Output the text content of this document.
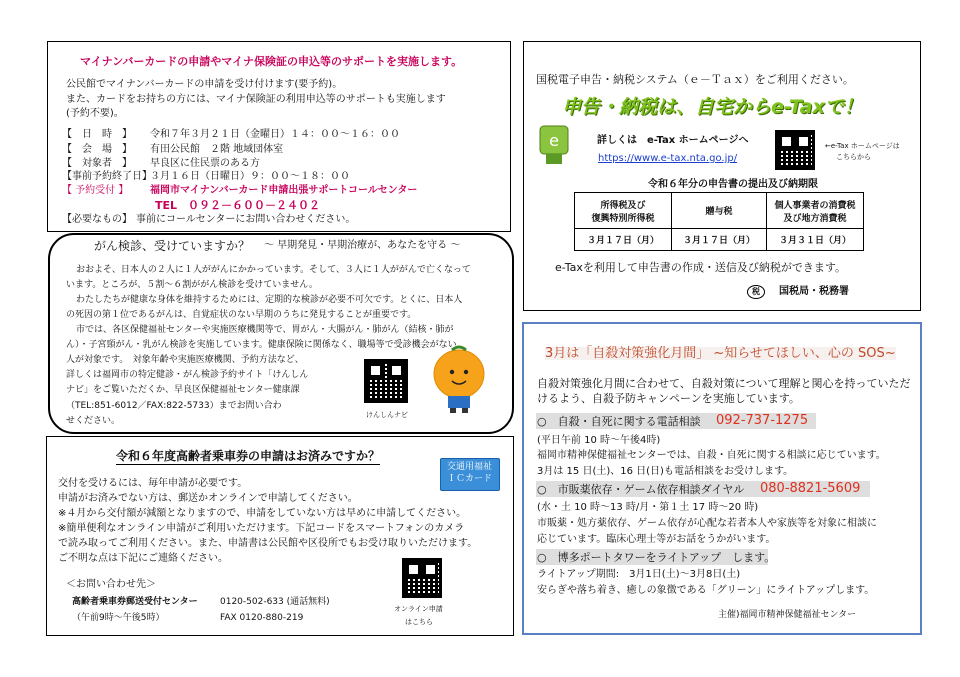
マイナンバーカードの申請やマイナ保険証の申込等のサポートを実施します。
公民館でマイナンバーカードの申請を受け付けます(要予約)。
また、カードをお持ちの方には、マイナ保険証の利用申込等のサポートも実施します
(予約不要)。
【　日　時　】 令和７年３月２１日（金曜日）１４：００～１６：００
【　会　場　】 有田公民館　２階 地域団体室
【　対象者　】 早良区に住民票のある方
【事前予約終了日】
３月１６日（日曜日）９：００～１８：００
【 予約受付 】 福岡市マイナンバーカード申請出張サポートコールセンター
TEL　０９２－６００－２４０２
【必要なもの】 事前にコールセンターにお問い合わせください。
がん検診、受けていますか？ ～ 早期発見・早期治療が、あなたを守る ～
おおよそ、日本人の２人に１人ががんにかかっています。そして、３人に１人ががんで亡くなって
います。ところが、５割～６割ががん検診を受けていません。
わたしたちが健康な身体を維持するためには、定期的な検診が必要不可欠です。とくに、日本人
の死因の第１位であるがんは、自覚症状のない早期のうちに発見することが重要です。
市では、各区保健福祉センターや実施医療機関等で、胃がん・大腸がん・肺がん（結核・肺が
ん）・子宮頸がん・乳がん検診を実施しています。健康保険に関係なく、職場等で受診機会がない
人が対象です。　対象年齢や実施医療機関、予約方法など、
詳しくは福岡市の特定健診・がん検診予約サイト「けんしん
ナビ」をご覧いただくか、早良区保健福祉センター健康課
（TEL:851-6012／FAX:822-5733）までお問い合わ
せください。
けんしんナビ
令和６年度高齢者乗車券の申請はお済みですか？
交通用福祉
ＩＣカード
交付を受けるには、毎年申請が必要です。
申請がお済みでない方は、郵送かオンラインで申請してください。
※４月から交付額が減額となりますので、申請をしていない方は早めに申請してください。
※簡単便利なオンライン申請がご利用いただけます。下記コードをスマートフォンのカメラ
で読み取ってご利用ください。また、申請書は公民館や区役所でもお受け取りいただけます。
ご不明な点は下記にご連絡ください。
＜お問い合わせ先＞
高齢者乗車券郵送受付センター 0120-502-633 (通話無料)
（午前9時～午後5時）	FAX 0120-880-219
オンライン申請
はこちら
国税電子申告・納税システム（ｅ－Ｔａｘ）をご利用ください。
申告・納税は、自宅からe-Taxで！
e	詳しくは　e-Tax ホームページへ
https://www.e-tax.nta.go.jp/
←e-Tax ホームページは
こちらから
令和６年分の申告書の提出及び納期限
所得税及び
復興特別所得税	贈与税	個人事業者の消費税
及び地方消費税
３月１７日（月）	３月１７日（月）	３月３１日（月）
e-Taxを利用して申告書の作成・送信及び納税ができます。
税	国税局・税務署
3月は「自殺対策強化月間」 ~知らせてほしい、心の SOS~
自殺対策強化月間に合わせて、自殺対策について理解と関心を持っていただ
けるよう、自殺予防キャンペーンを実施しています。
○　自殺・自死に関する電話相談 092-737-1275
(平日午前 10 時～午後4時)
福岡市精神保健福祉センターでは、自殺・自死に関する相談に応じています。
3月は 15 日(土)、16 日(日)も電話相談をお受けします。
○　市販薬依存・ゲーム依存相談ダイヤル 080-8821-5609
(水・土 10 時～13 時/月・第１土 17 時～20 時)
市販薬・処方薬依存、ゲーム依存が心配な若者本人や家族等を対象に相談に
応じています。臨床心理士等がお話をうかがいます。
○　博多ポートタワーをライトアップ　します。
ライトアップ期間:　3月1日(土)～3月8日(土)
安らぎや落ち着き、癒しの象徴である「グリーン」にライトアップします。
主催)福岡市精神保健福祉センター
